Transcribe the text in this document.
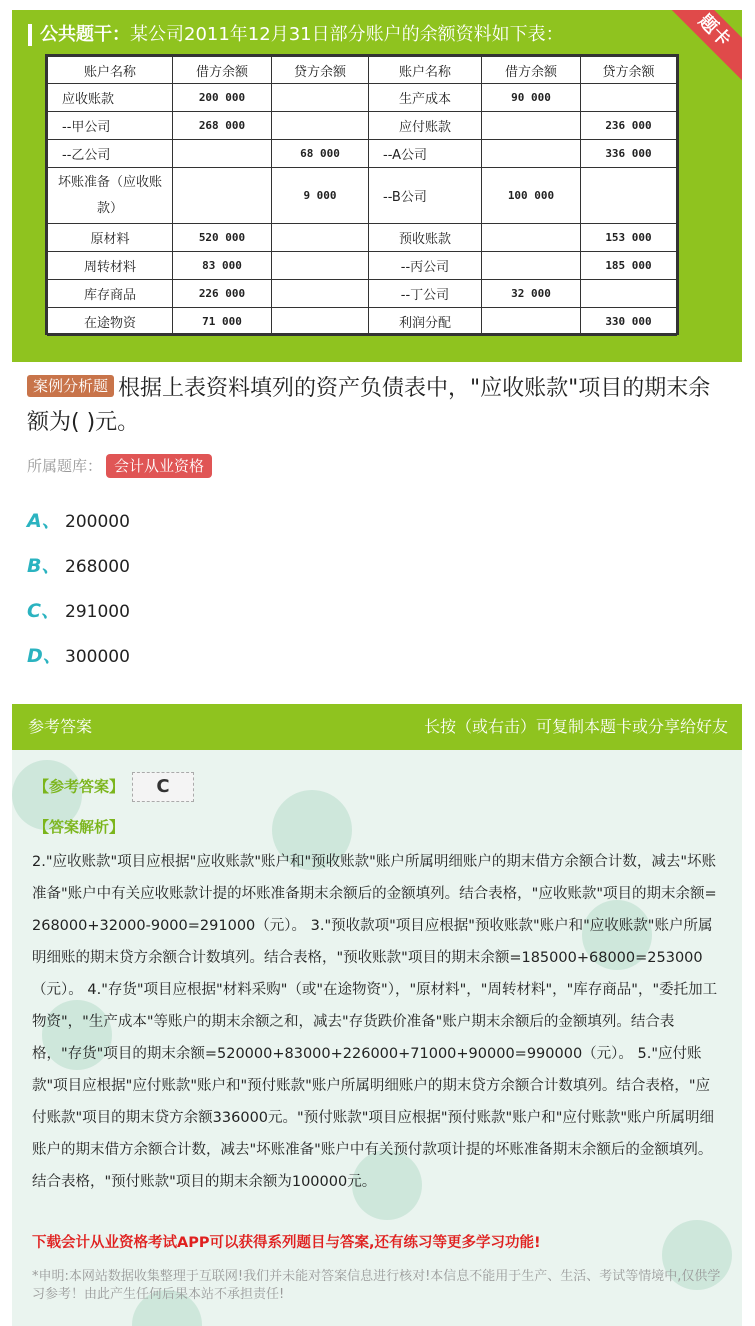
题卡
公共题干：某公司2011年12月31日部分账户的余额资料如下表：
账户名称	借方余额	贷方余额	账户名称	借方余额	贷方余额
应收账款	200 000		生产成本	90 000	
--甲公司	268 000		应付账款		236 000
--乙公司		68 000	--A公司		336 000
坏账准备（应收账款）		9 000	--B公司	100 000	
原材料	520 000		预收账款		153 000
周转材料	83 000		--丙公司		185 000
库存商品	226 000		--丁公司	32 000	
在途物资	71 000		利润分配		330 000
案例分析题 根据上表资料填列的资产负债表中，"应收账款"项目的期末余额为( )元。
所属题库： 会计从业资格
A、 200000
B、 268000
C、 291000
D、 300000
参考答案	长按（或右击）可复制本题卡或分享给好友
【参考答案】 C
【答案解析】
2."应收账款"项目应根据"应收账款"账户和"预收账款"账户所属明细账户的期末借方余额合计数，减去"坏账准备"账户中有关应收账款计提的坏账准备期末余额后的金额填列。结合表格，"应收账款"项目的期末余额=268000+32000-9000=291000（元）。 3."预收款项"项目应根据"预收账款"账户和"应收账款"账户所属明细账的期末贷方余额合计数填列。结合表格，"预收账款"项目的期末余额=185000+68000=253000（元）。 4."存货"项目应根据"材料采购"（或"在途物资"），"原材料"，"周转材料"，"库存商品"，"委托加工物资"，"生产成本"等账户的期末余额之和，减去"存货跌价准备"账户期末余额后的金额填列。结合表格，"存货"项目的期末余额=520000+83000+226000+71000+90000=990000（元）。 5."应付账款"项目应根据"应付账款"账户和"预付账款"账户所属明细账户的期末贷方余额合计数填列。结合表格，"应付账款"项目的期末贷方余额336000元。"预付账款"项目应根据"预付账款"账户和"应付账款"账户所属明细账户的期末借方余额合计数，减去"坏账准备"账户中有关预付款项计提的坏账准备期末余额后的金额填列。结合表格，"预付账款"项目的期末余额为100000元。
下载会计从业资格考试APP可以获得系列题目与答案,还有练习等更多学习功能!
*申明:本网站数据收集整理于互联网!我们并未能对答案信息进行核对!本信息不能用于生产、生活、考试等情境中,仅供学习参考！由此产生任何后果本站不承担责任!
